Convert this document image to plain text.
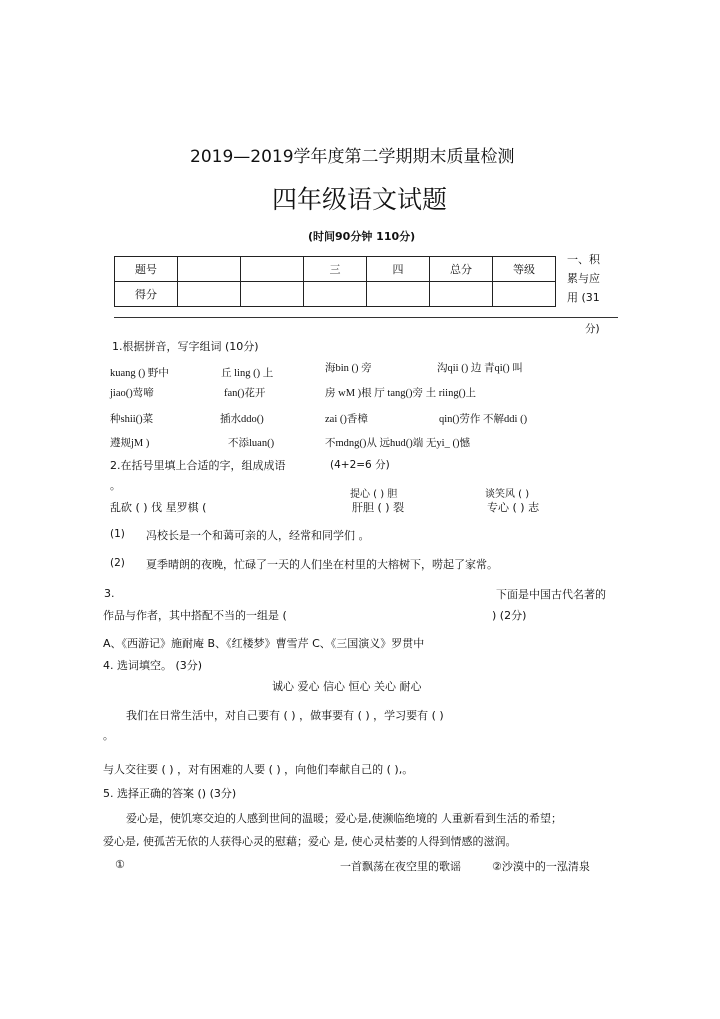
2019—2019学年度第二学期期末质量检测
四年级语文试题
(时间90分钟 110分)
题号			三	四	总分	等级
得分						
一、积
累与应
用 (31
分)
1.根据拼音，写字组词 (10分)
kuang () 野中	丘 ling () 上	海bin () 旁	沟qii () 边 青qi() 叫
jiao()莺啼	fan()花开	房 wM )根 厅 tang()旁 土 riing()上
种shii()菜	插水ddo()	zai ()香樟	qin()劳作 不解ddi ()
遵规jM )	不添luan()	不mdng()从 远hud()端 无yi_ ()憾
2.在括号里填上合适的字，组成成语	(4+2=6 分)
。
提心 ( ) 胆	谈笑风 ( )
乱砍 ( ) 伐 星罗棋 (	肝胆 ( ) 裂	专心 ( ) 志
(1) 冯校长是一个和蔼可亲的人，经常和同学们 。
(2) 夏季晴朗的夜晚，忙碌了一天的人们坐在村里的大榕树下，唠起了家常。
3.	下面是中国古代名著的
作品与作者，其中搭配不当的一组是 (	) (2分)
A、《西游记》施耐庵 B、《红楼梦》曹雪芹 C、《三国演义》罗贯中
4. 选词填空。 (3分)
诚心 爱心 信心 恒心 关心 耐心
我们在日常生活中，对自己要有 ( ) ，做事要有 ( ) ，学习要有 ( )
。
与人交往要 ( ) ，对有困难的人要 ( ) ，向他们奉献自己的 ( ),。
5. 选择正确的答案 () (3分)
爱心是，使饥寒交迫的人感到世间的温暖；爱心是,使濒临绝境的 人重新看到生活的希望；
爱心是, 使孤苦无依的人获得心灵的慰藉；爱心 是, 使心灵枯萎的人得到情感的滋润。
①	一首飘荡在夜空里的歌谣	②沙漠中的一泓清泉
